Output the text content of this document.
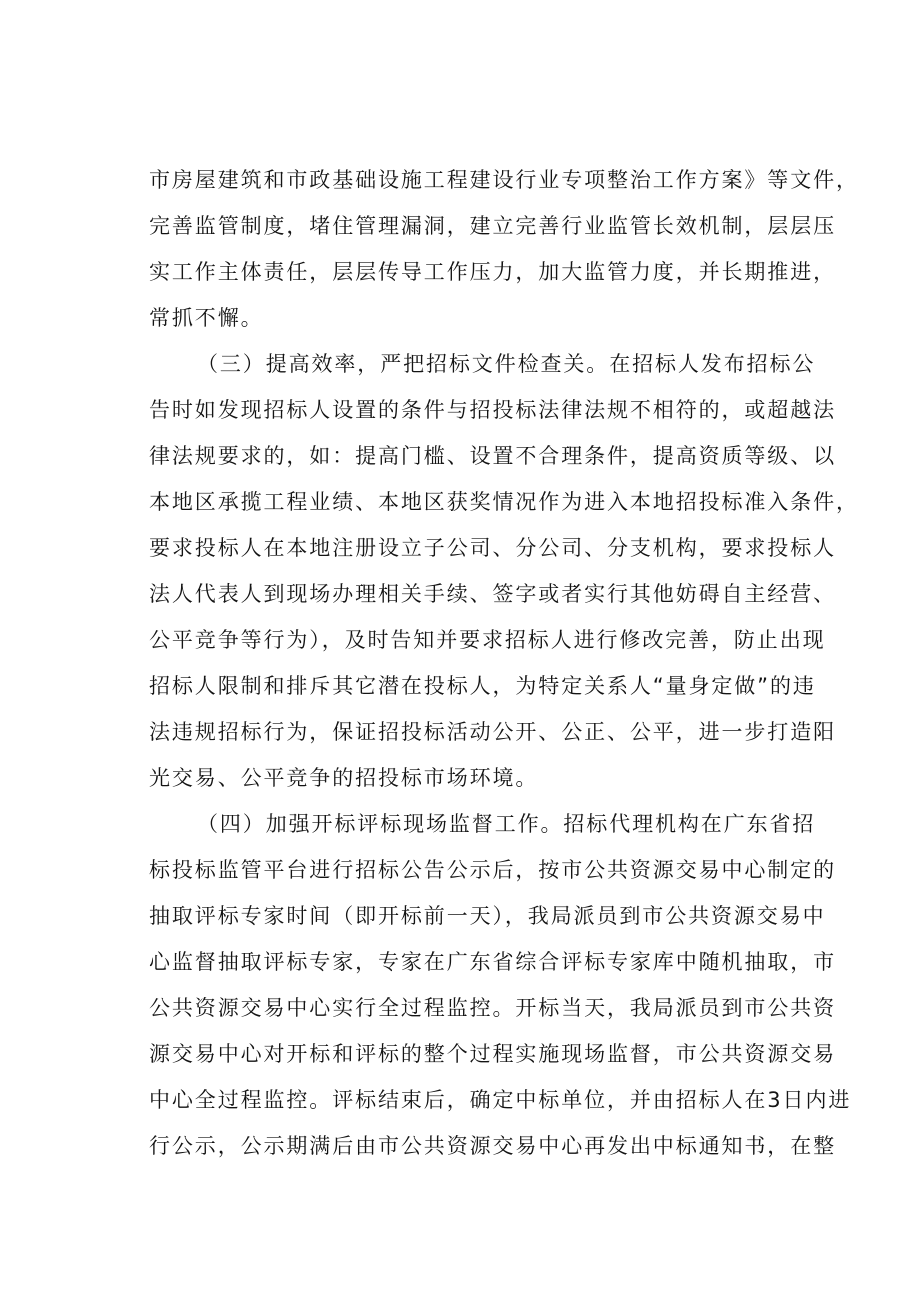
市房屋建筑和市政基础设施工程建设行业专项整治工作方案》等文件，
完善监管制度，堵住管理漏洞，建立完善行业监管长效机制，层层压
实工作主体责任，层层传导工作压力，加大监管力度，并长期推进，
常抓不懈。
（三）提高效率，严把招标文件检查关。在招标人发布招标公
告时如发现招标人设置的条件与招投标法律法规不相符的，或超越法
律法规要求的，如：提高门槛、设置不合理条件，提高资质等级、以
本地区承揽工程业绩、本地区获奖情况作为进入本地招投标准入条件，
要求投标人在本地注册设立子公司、分公司、分支机构，要求投标人
法人代表人到现场办理相关手续、签字或者实行其他妨碍自主经营、
公平竞争等行为），及时告知并要求招标人进行修改完善，防止出现
招标人限制和排斥其它潜在投标人，为特定关系人“量身定做”的违
法违规招标行为，保证招投标活动公开、公正、公平，进一步打造阳
光交易、公平竞争的招投标市场环境。
（四）加强开标评标现场监督工作。招标代理机构在广东省招
标投标监管平台进行招标公告公示后，按市公共资源交易中心制定的
抽取评标专家时间（即开标前一天），我局派员到市公共资源交易中
心监督抽取评标专家，专家在广东省综合评标专家库中随机抽取，市
公共资源交易中心实行全过程监控。开标当天，我局派员到市公共资
源交易中心对开标和评标的整个过程实施现场监督，市公共资源交易
中心全过程监控。评标结束后，确定中标单位，并由招标人在3日内进
行公示，公示期满后由市公共资源交易中心再发出中标通知书，在整
